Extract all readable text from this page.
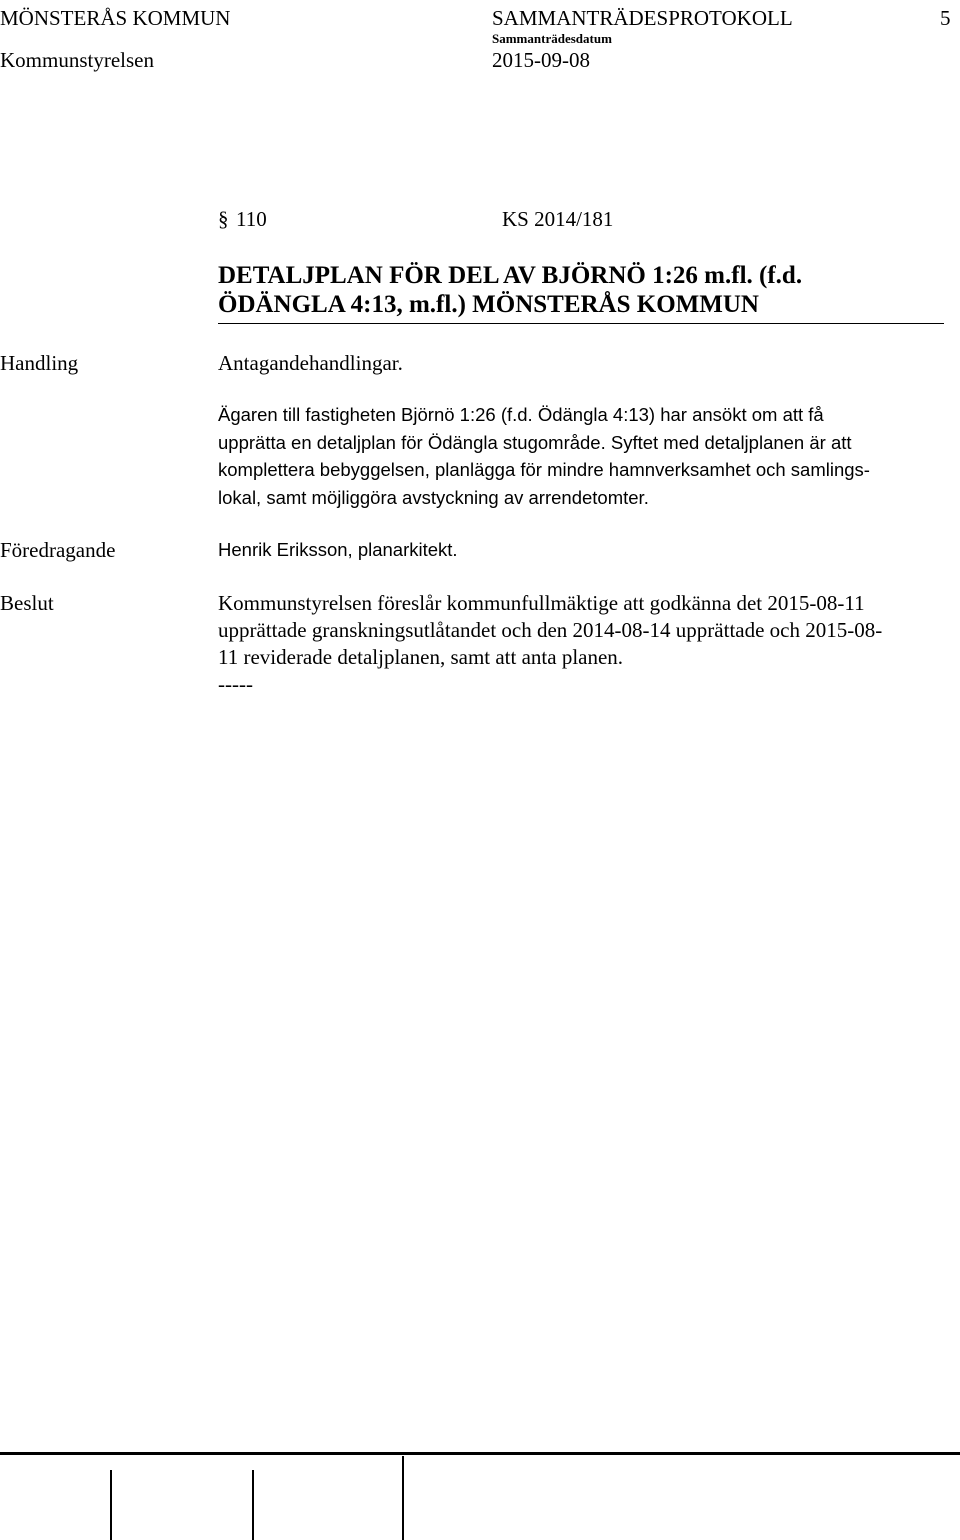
MÖNSTERÅS KOMMUN	SAMMANTRÄDESPROTOKOLL	5
Sammanträdesdatum
Kommunstyrelsen	2015-09-08
§ 110	KS 2014/181
DETALJPLAN FÖR DEL AV BJÖRNÖ 1:26 m.fl. (f.d.
ÖDÄNGLA 4:13, m.fl.) MÖNSTERÅS KOMMUN
Handling	Antagandehandlingar.
Ägaren till fastigheten Björnö 1:26 (f.d. Ödängla 4:13) har ansökt om att få
upprätta en detaljplan för Ödängla stugområde. Syftet med detaljplanen är att
komplettera bebyggelsen, planlägga för mindre hamnverksamhet och samlings-
lokal, samt möjliggöra avstyckning av arrendetomter.
Föredragande	Henrik Eriksson, planarkitekt.
Beslut	Kommunstyrelsen föreslår kommunfullmäktige att godkänna det 2015-08-11
upprättade granskningsutlåtandet och den 2014-08-14 upprättade och 2015-08-
11 reviderade detaljplanen, samt att anta planen.
-----
